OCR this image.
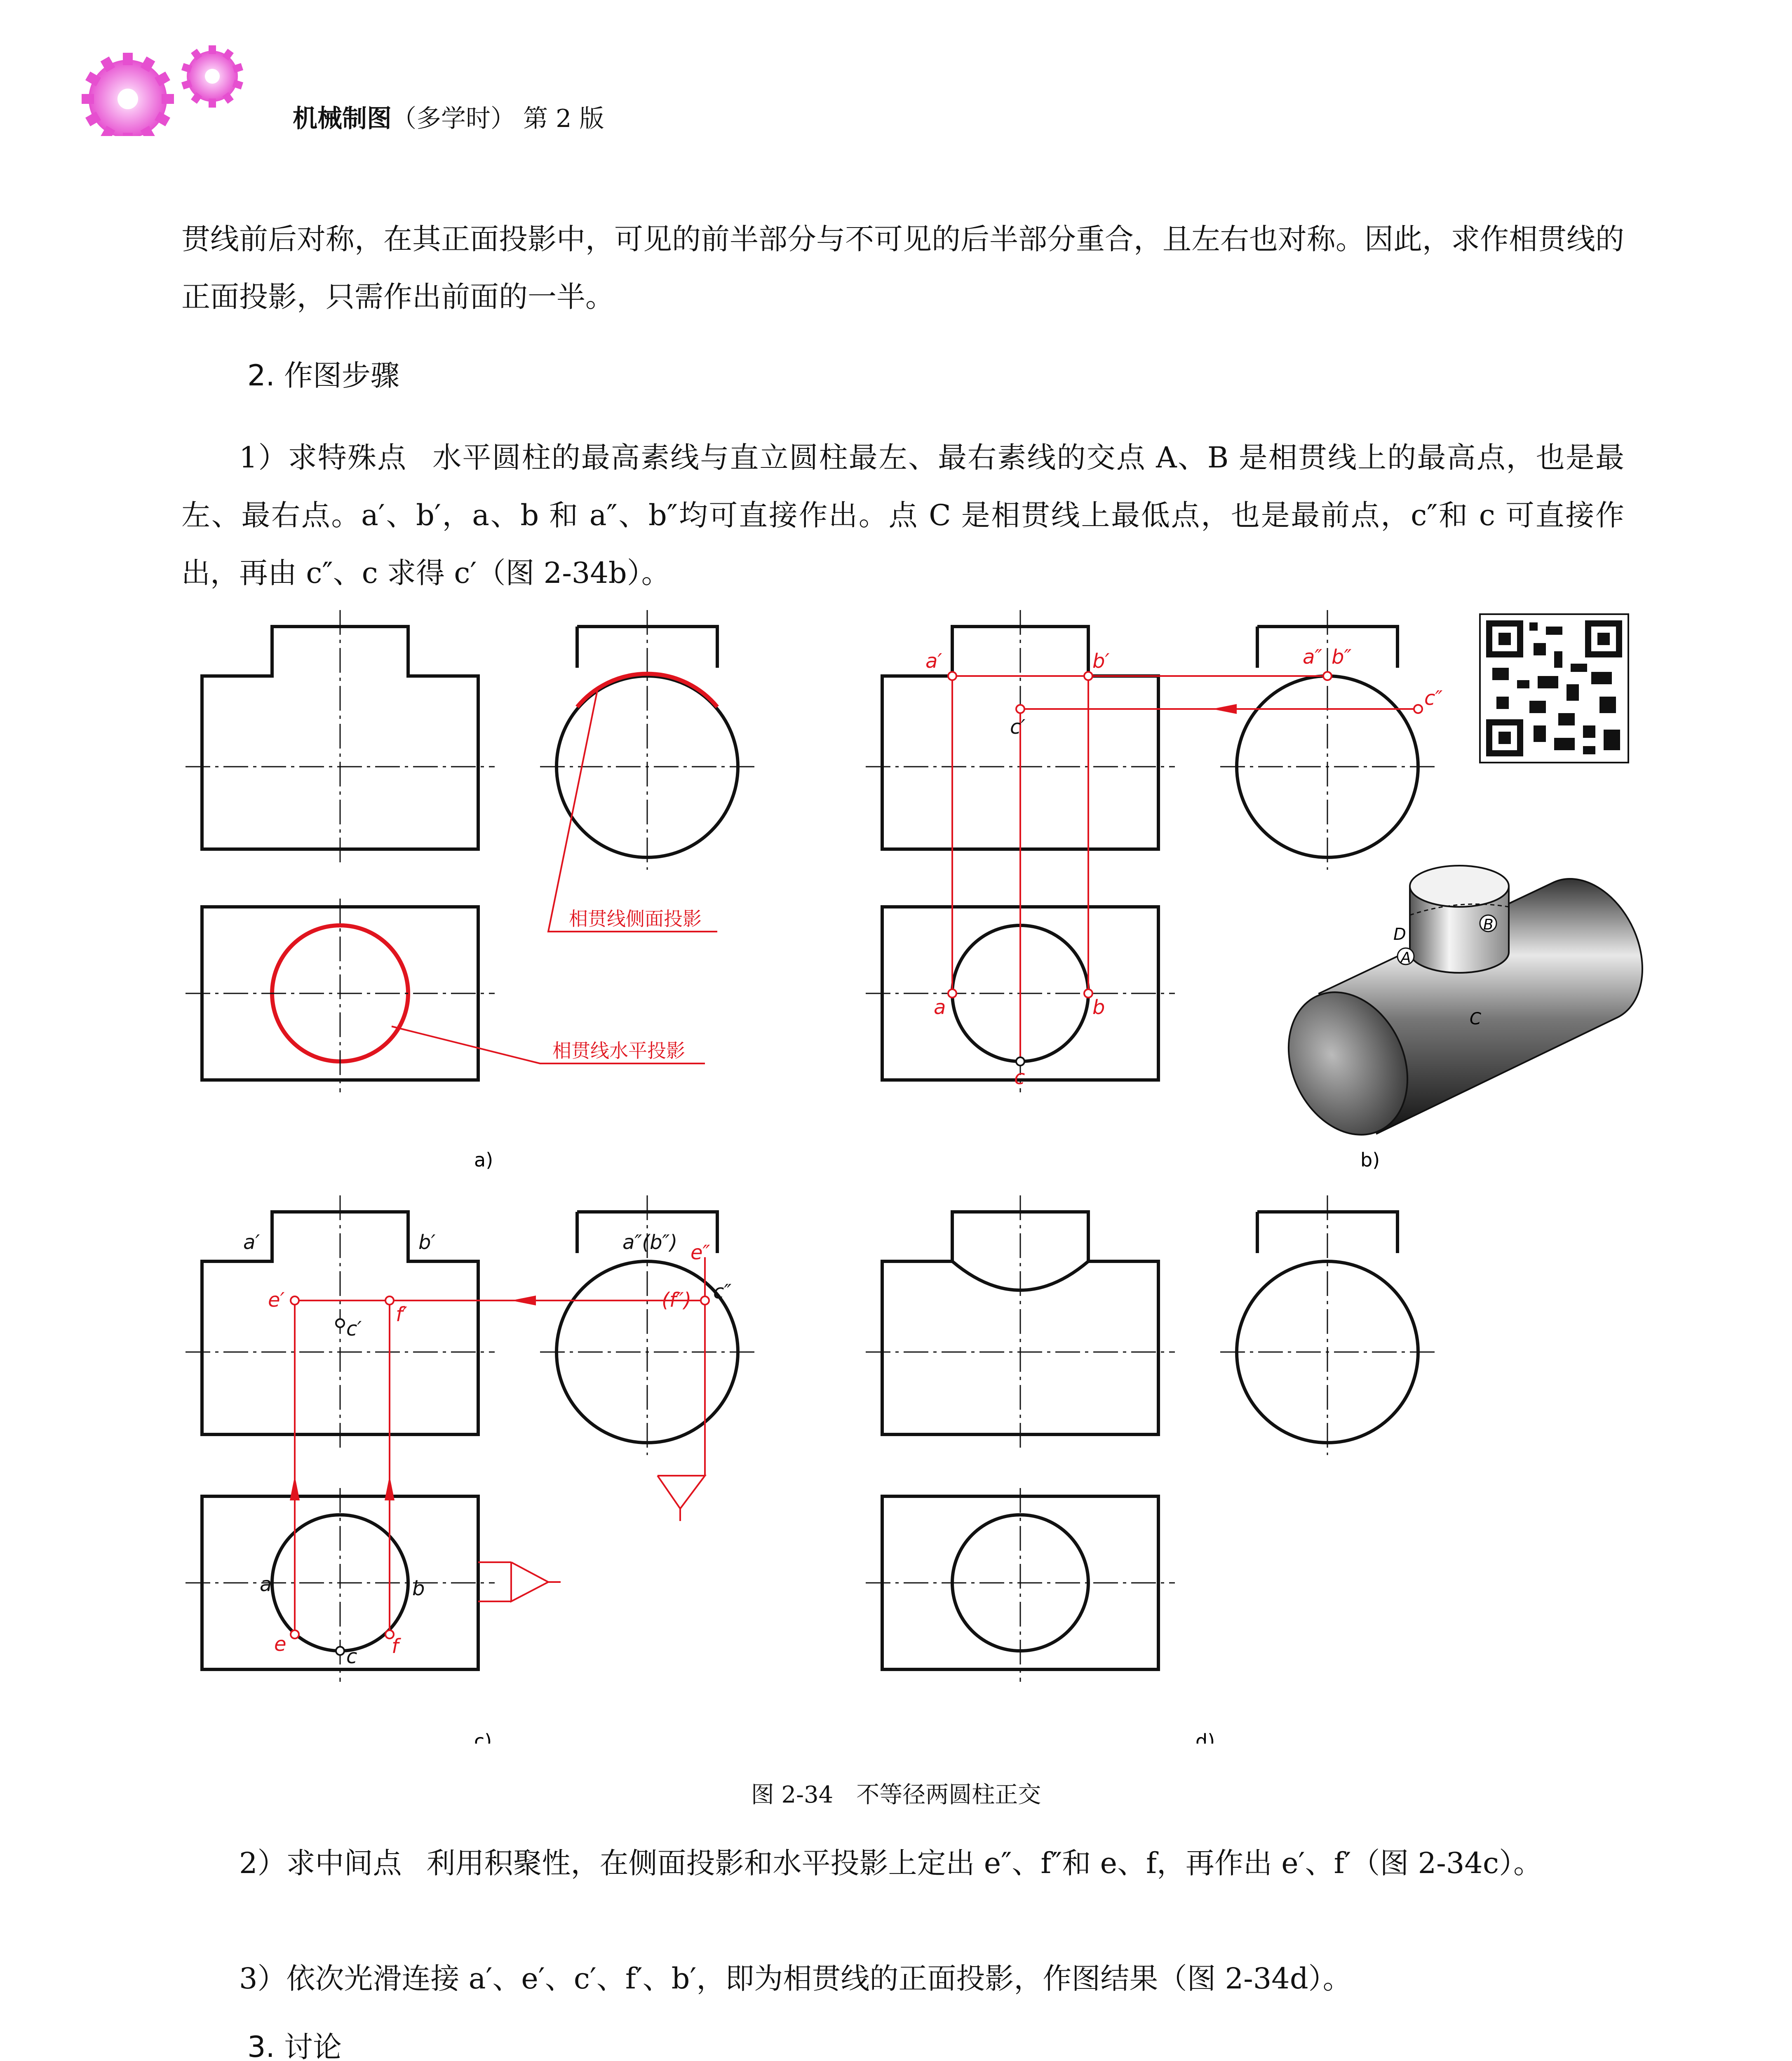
机械制图（多学时） 第 2 版
贯线前后对称，在其正面投影中，可见的前半部分与不可见的后半部分重合，且左右也对称。因此，求作相贯线的正面投影，只需作出前面的一半。
2. 作图步骤
1）求特殊点 水平圆柱的最高素线与直立圆柱最左、最右素线的交点 A、B 是相贯线上的最高点，也是最左、最右点。a′、b′，a、b 和 a″、b″均可直接作出。点 C 是相贯线上最低点，也是最前点，c″和 c 可直接作出，再由 c″、c 求得 c′（图 2-34b）。
相贯线侧面投影
相贯线水平投影
a)
a′	b′	a″ b″
c″
a	b
c
c′
A
B
C
D
b)
a′	b′
e′
f′
c′
a″(b″) e″
(f″) c″
a	b
e	f
c
c)	d)
图 2-34　不等径两圆柱正交
2）求中间点 利用积聚性，在侧面投影和水平投影上定出 e″、f″和 e、f，再作出 e′、f′（图 2-34c）。
3）依次光滑连接 a′、e′、c′、f′、b′，即为相贯线的正面投影，作图结果（图 2-34d）。
3. 讨论
